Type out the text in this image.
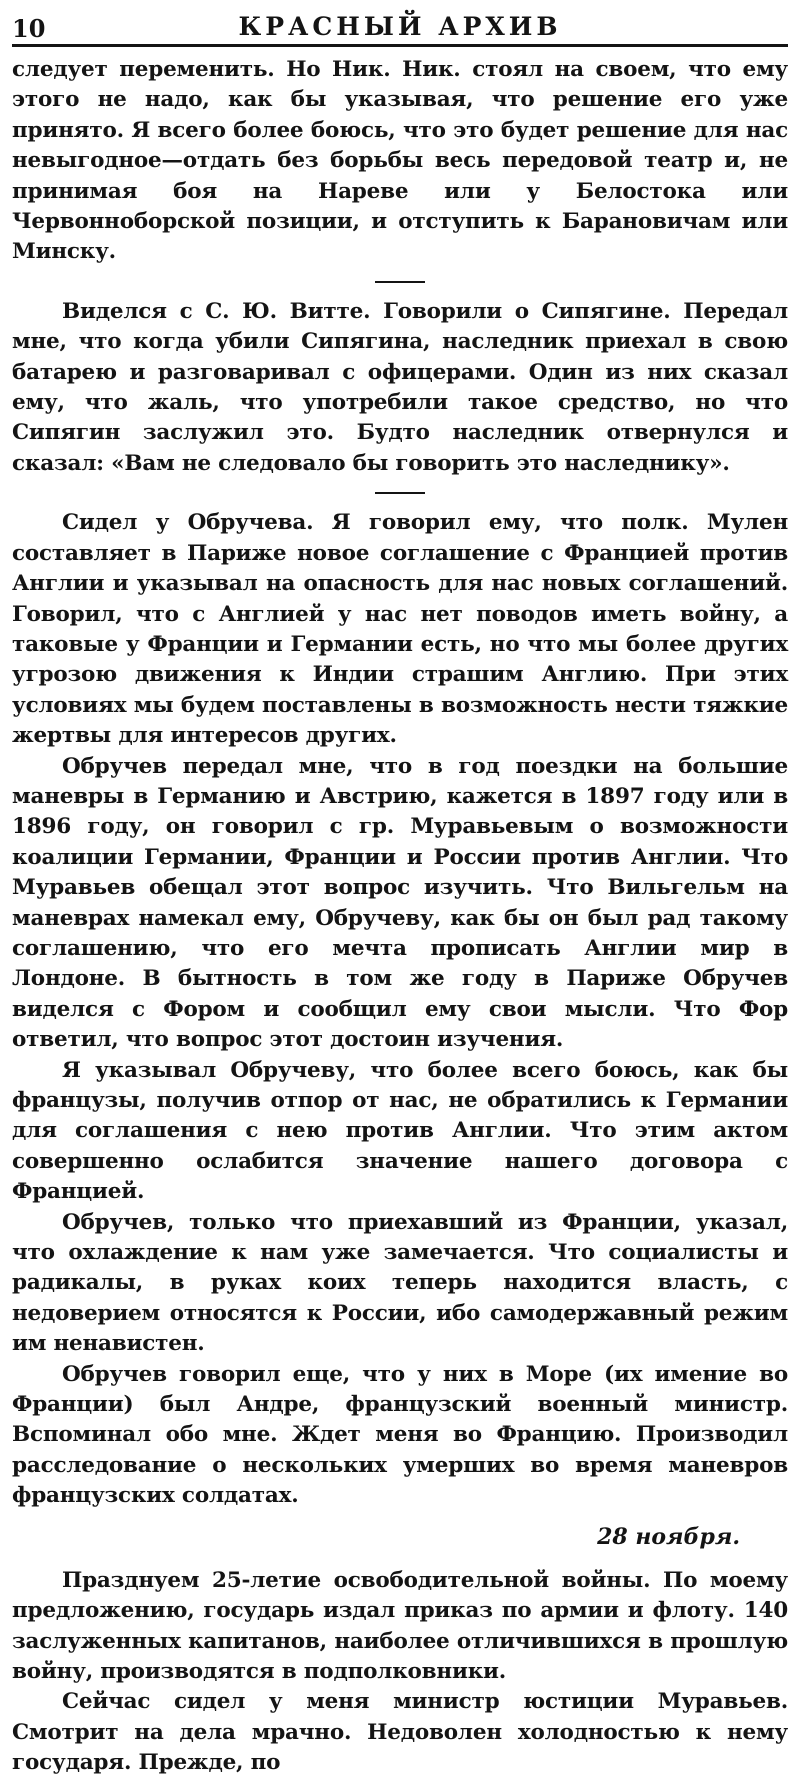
10	КРАСНЫЙ АРХИВ

следует переменить. Но Ник. Ник. стоял на своем, что ему этого не надо, как бы указывая, что решение его уже принято. Я всего более боюсь, что это будет решение для нас невыгодное—отдать без борьбы весь передовой театр и, не принимая боя на Нареве или у Белостока или Червонноборской позиции, и отступить к Барановичам или Минску.

Виделся с С. Ю. Витте. Говорили о Сипягине. Передал мне, что когда убили Сипягина, наследник приехал в свою батарею и разговаривал с офицерами. Один из них сказал ему, что жаль, что употребили такое средство, но что Сипягин заслужил это. Будто наследник отвернулся и сказал: «Вам не следовало бы говорить это наследнику».

Сидел у Обручева. Я говорил ему, что полк. Мулен составляет в Париже новое соглашение с Францией против Англии и указывал на опасность для нас новых соглашений. Говорил, что с Англией у нас нет поводов иметь войну, а таковые у Франции и Германии есть, но что мы более других угрозою движения к Индии страшим Англию. При этих условиях мы будем поставлены в возможность нести тяжкие жертвы для интересов других.

Обручев передал мне, что в год поездки на большие маневры в Германию и Австрию, кажется в 1897 году или в 1896 году, он говорил с гр. Муравьевым о возможности коалиции Германии, Франции и России против Англии. Что Муравьев обещал этот вопрос изучить. Что Вильгельм на маневрах намекал ему, Обручеву, как бы он был рад такому соглашению, что его мечта прописать Англии мир в Лондоне. В бытность в том же году в Париже Обручев виделся с Фором и сообщил ему свои мысли. Что Фор ответил, что вопрос этот достоин изучения.

Я указывал Обручеву, что более всего боюсь, как бы французы, получив отпор от нас, не обратились к Германии для соглашения с нею против Англии. Что этим актом совершенно ослабится значение нашего договора с Францией.

Обручев, только что приехавший из Франции, указал, что охлаждение к нам уже замечается. Что социалисты и радикалы, в руках коих теперь находится власть, с недоверием относятся к России, ибо самодержавный режим им ненавистен.

Обручев говорил еще, что у них в Море (их имение во Франции) был Андре, французский военный министр. Вспоминал обо мне. Ждет меня во Францию. Производил расследование о нескольких умерших во время маневров французских солдатах.

28 ноября.

Празднуем 25-летие освободительной войны. По моему предложению, государь издал приказ по армии и флоту. 140 заслуженных капитанов, наиболее отличившихся в прошлую войну, производятся в подполковники.

Сейчас сидел у меня министр юстиции Муравьев. Смотрит на дела мрачно. Недоволен холодностью к нему государя. Прежде, по
